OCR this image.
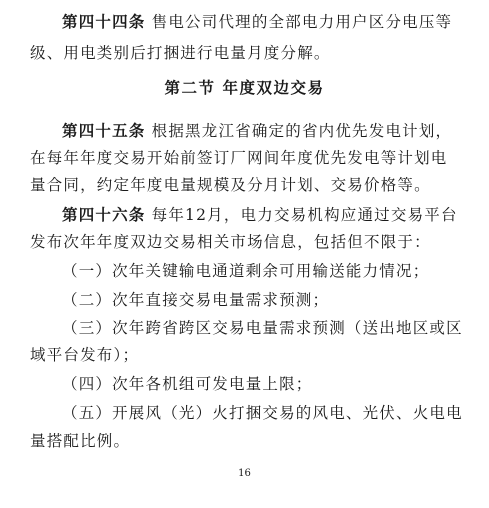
第四十四条 售电公司代理的全部电力用户区分电压等
级、用电类别后打捆进行电量月度分解。
第二节 年度双边交易
第四十五条 根据黑龙江省确定的省内优先发电计划，
在每年年度交易开始前签订厂网间年度优先发电等计划电
量合同，约定年度电量规模及分月计划、交易价格等。
第四十六条 每年12月，电力交易机构应通过交易平台
发布次年年度双边交易相关市场信息，包括但不限于：
（一）次年关键输电通道剩余可用输送能力情况；
（二）次年直接交易电量需求预测；
（三）次年跨省跨区交易电量需求预测（送出地区或区
域平台发布）；
（四）次年各机组可发电量上限；
（五）开展风（光）火打捆交易的风电、光伏、火电电
量搭配比例。
16
